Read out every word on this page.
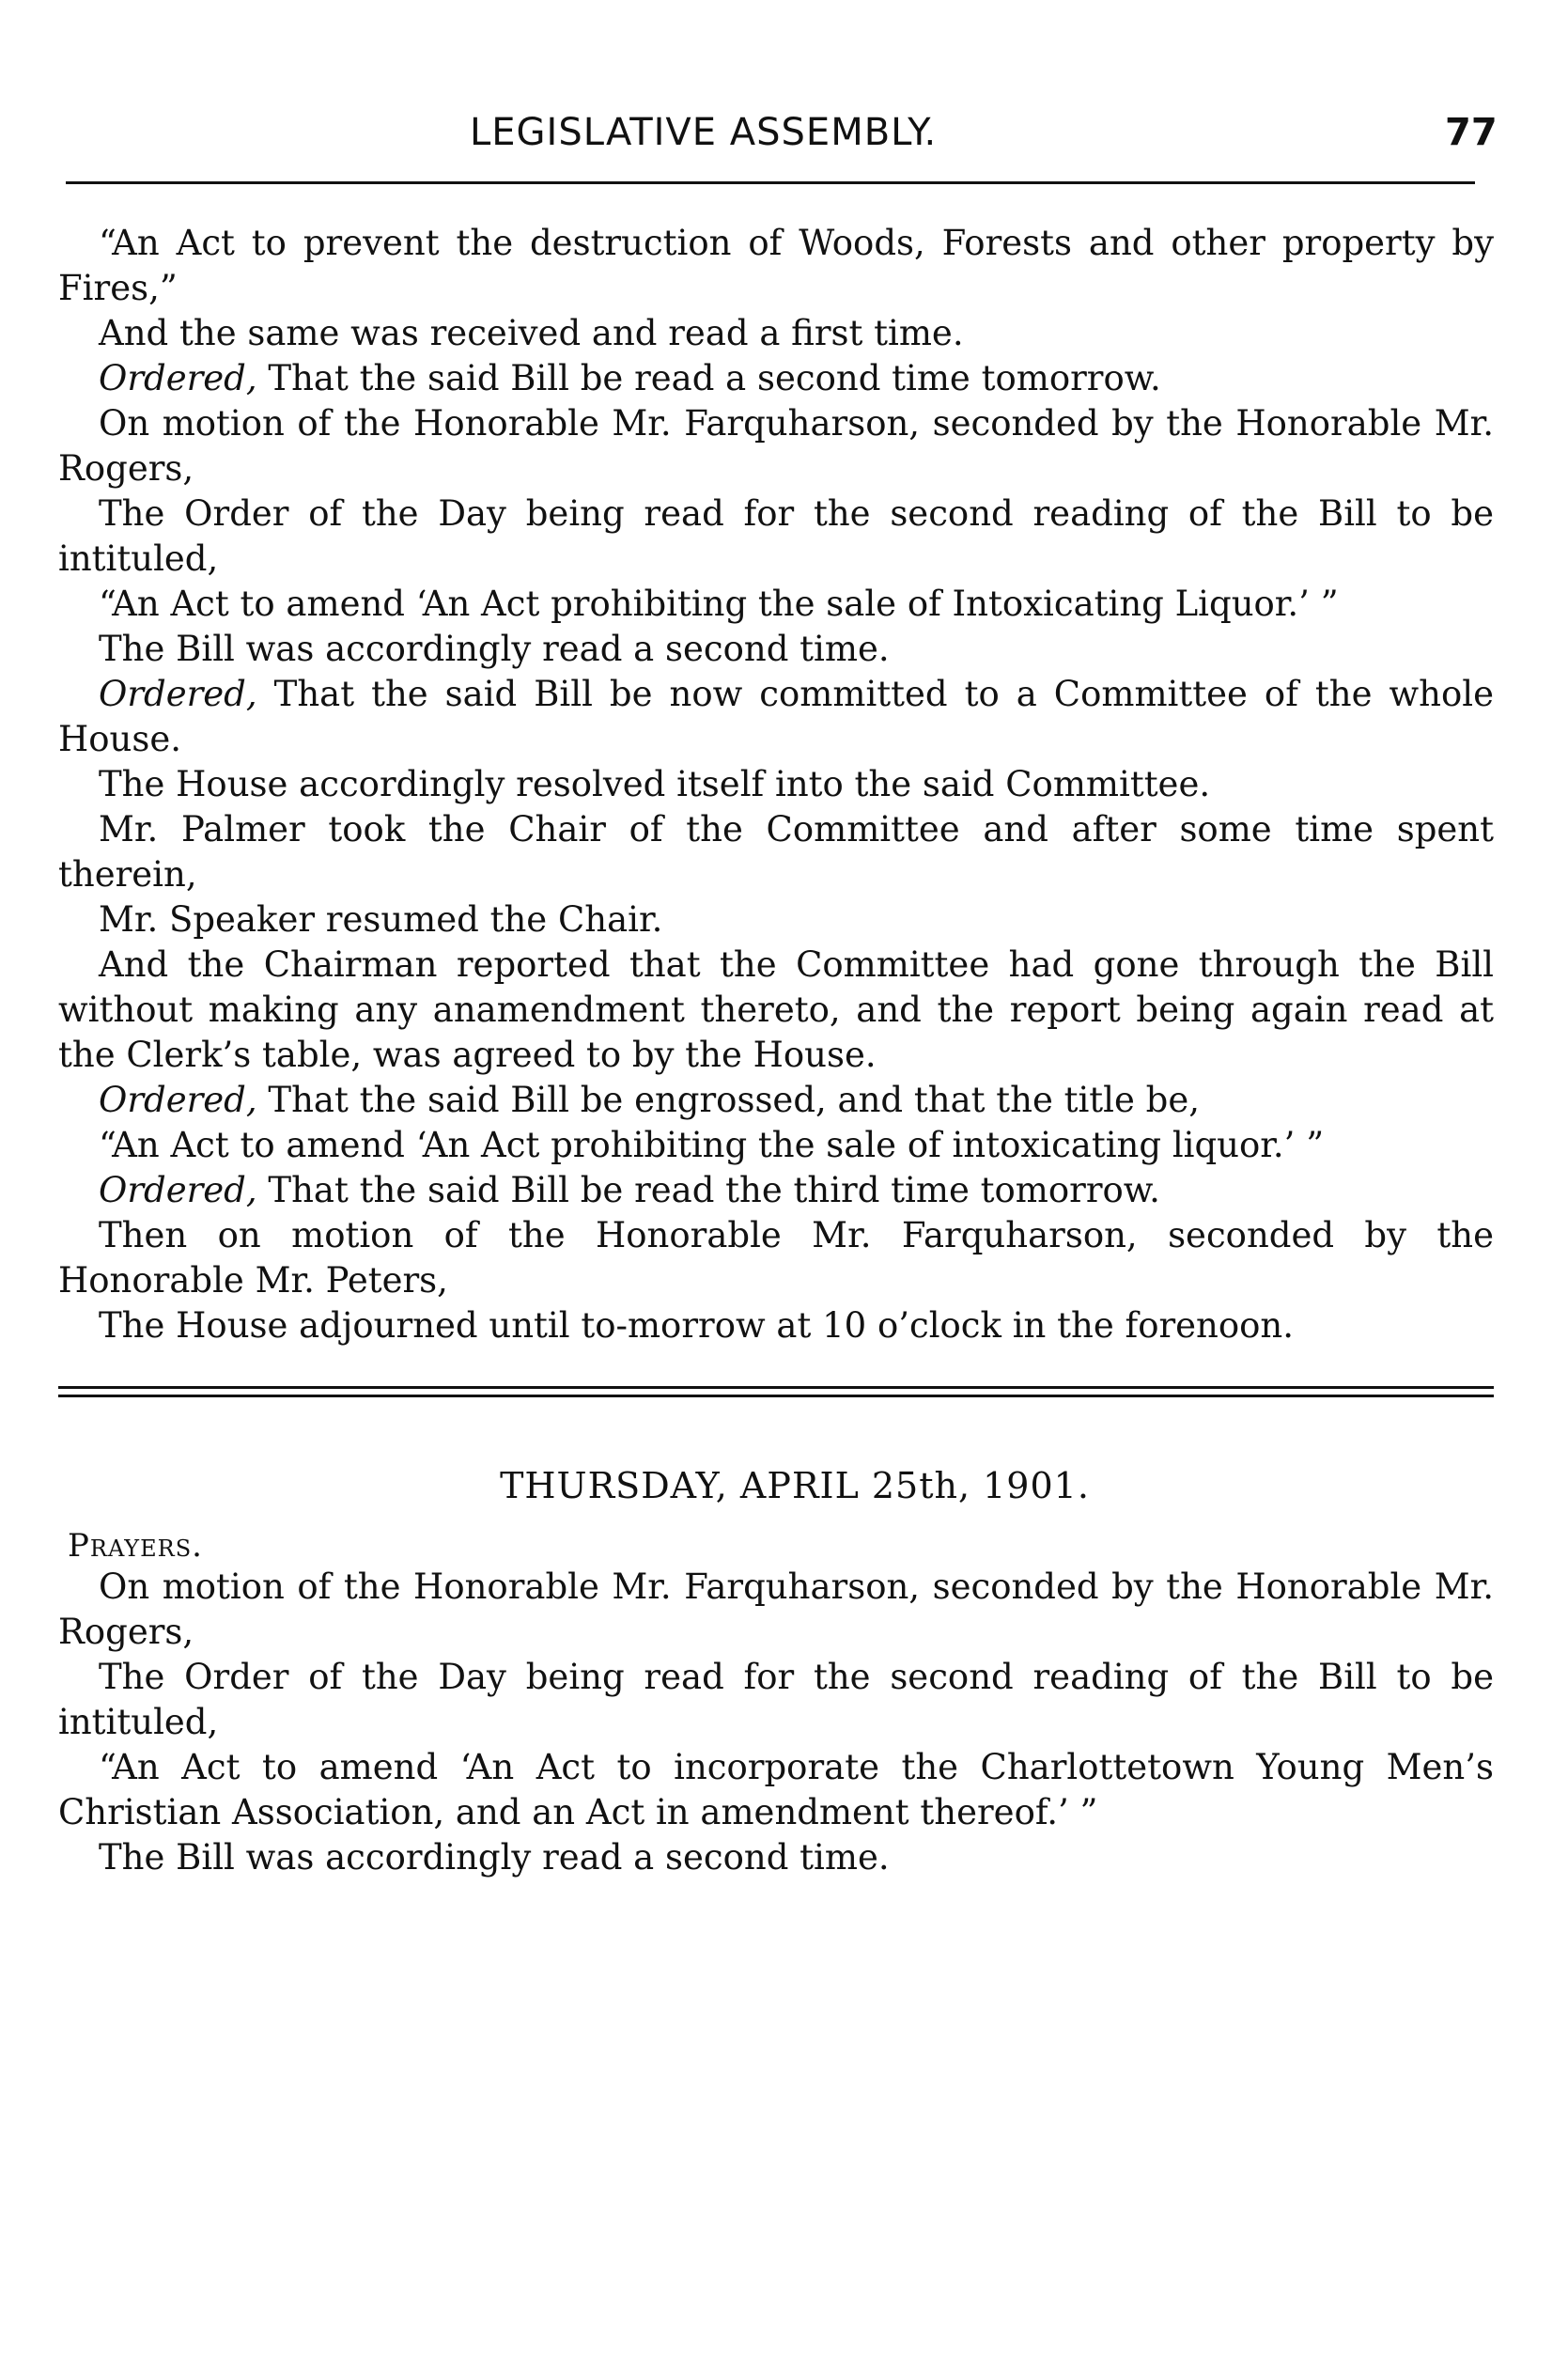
LEGISLATIVE ASSEMBLY.	77

“An Act to prevent the destruction of Woods, Forests and other property by Fires,”

And the same was received and read a first time.

Ordered, That the said Bill be read a second time tomorrow.

On motion of the Honorable Mr. Farquharson, seconded by the Honorable Mr. Rogers,

The Order of the Day being read for the second reading of the Bill to be intituled,

“An Act to amend ‘An Act prohibiting the sale of Intoxicating Liquor.’ ”

The Bill was accordingly read a second time.

Ordered, That the said Bill be now committed to a Committee of the whole House.

The House accordingly resolved itself into the said Committee.

Mr. Palmer took the Chair of the Committee and after some time spent therein,

Mr. Speaker resumed the Chair.

And the Chairman reported that the Committee had gone through the Bill without making any anamendment thereto, and the report being again read at the Clerk’s table, was agreed to by the House.

Ordered, That the said Bill be engrossed, and that the title be,

“An Act to amend ‘An Act prohibiting the sale of intoxicating liquor.’ ”

Ordered, That the said Bill be read the third time tomorrow.

Then on motion of the Honorable Mr. Farquharson, seconded by the Honorable Mr. Peters,

The House adjourned until to-morrow at 10 o’clock in the forenoon.

THURSDAY, APRIL 25th, 1901.
Prayers.

On motion of the Honorable Mr. Farquharson, seconded by the Honorable Mr. Rogers,

The Order of the Day being read for the second reading of the Bill to be intituled,

“An Act to amend ‘An Act to incorporate the Charlottetown Young Men’s Christian Association, and an Act in amendment thereof.’ ”

The Bill was accordingly read a second time.
